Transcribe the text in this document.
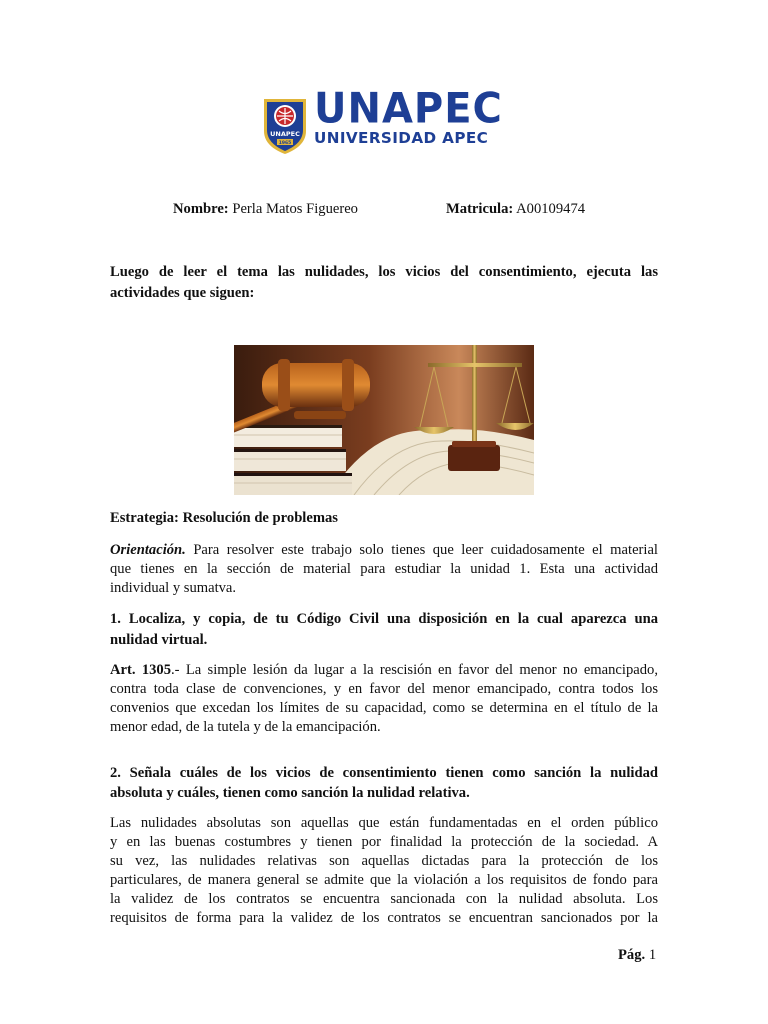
UNAPEC
1965
UNAPEC
UNIVERSIDAD APEC
Nombre: Perla Matos Figuereo	Matricula: A00109474
Luego de leer el tema las nulidades, los vicios del consentimiento, ejecuta las
actividades que siguen:
Estrategia: Resolución de problemas
Orientación. Para resolver este trabajo solo tienes que leer cuidadosamente el material
que tienes en la sección de material para estudiar la unidad 1. Esta una actividad
individual y sumatva.
1. Localiza, y copia, de tu Código Civil una disposición en la cual aparezca una
nulidad virtual.
Art. 1305.- La simple lesión da lugar a la rescisión en favor del menor no emancipado,
contra toda clase de convenciones, y en favor del menor emancipado, contra todos los
convenios que excedan los límites de su capacidad, como se determina en el título de la
menor edad, de la tutela y de la emancipación.
2. Señala cuáles de los vicios de consentimiento tienen como sanción la nulidad
absoluta y cuáles, tienen como sanción la nulidad relativa.
Las nulidades absolutas son aquellas que están fundamentadas en el orden público
y en las buenas costumbres y tienen por finalidad la protección de la sociedad. A
su vez, las nulidades relativas son aquellas dictadas para la protección de los
particulares, de manera general se admite que la violación a los requisitos de fondo para
la validez de los contratos se encuentra sancionada con la nulidad absoluta. Los
requisitos de forma para la validez de los contratos se encuentran sancionados por la
Pág. 1
